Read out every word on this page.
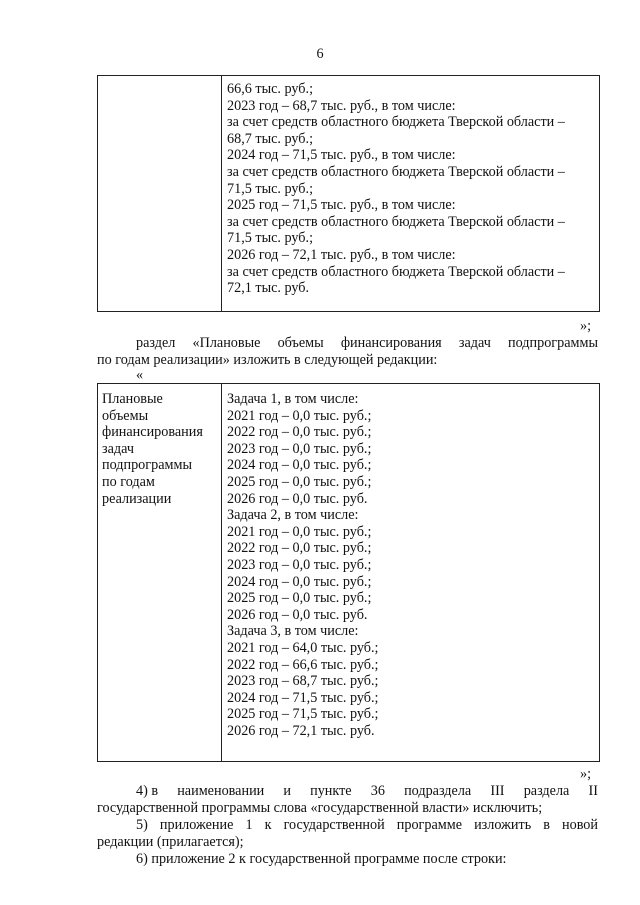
6
66,6 тыс. руб.;
2023 год – 68,7 тыс. руб., в том числе:
за счет средств областного бюджета Тверской области –
68,7 тыс. руб.;
2024 год – 71,5 тыс. руб., в том числе:
за счет средств областного бюджета Тверской области –
71,5 тыс. руб.;
2025 год – 71,5 тыс. руб., в том числе:
за счет средств областного бюджета Тверской области –
71,5 тыс. руб.;
2026 год – 72,1 тыс. руб., в том числе:
за счет средств областного бюджета Тверской области –
72,1 тыс. руб.
»;
раздел «Плановые объемы финансирования задач подпрограммы
по годам реализации» изложить в следующей редакции:
«
Плановые
объемы
финансирования
задач
подпрограммы
по годам
реализации
Задача 1, в том числе:
2021 год – 0,0 тыс. руб.;
2022 год – 0,0 тыс. руб.;
2023 год – 0,0 тыс. руб.;
2024 год – 0,0 тыс. руб.;
2025 год – 0,0 тыс. руб.;
2026 год – 0,0 тыс. руб.
Задача 2, в том числе:
2021 год – 0,0 тыс. руб.;
2022 год – 0,0 тыс. руб.;
2023 год – 0,0 тыс. руб.;
2024 год – 0,0 тыс. руб.;
2025 год – 0,0 тыс. руб.;
2026 год – 0,0 тыс. руб.
Задача 3, в том числе:
2021 год – 64,0 тыс. руб.;
2022 год – 66,6 тыс. руб.;
2023 год – 68,7 тыс. руб.;
2024 год – 71,5 тыс. руб.;
2025 год – 71,5 тыс. руб.;
2026 год – 72,1 тыс. руб.
»;
4) в наименовании и пункте 36 подраздела III раздела II
государственной программы слова «государственной власти» исключить;
5) приложение 1 к государственной программе изложить в новой
редакции (прилагается);
6) приложение 2 к государственной программе после строки:
